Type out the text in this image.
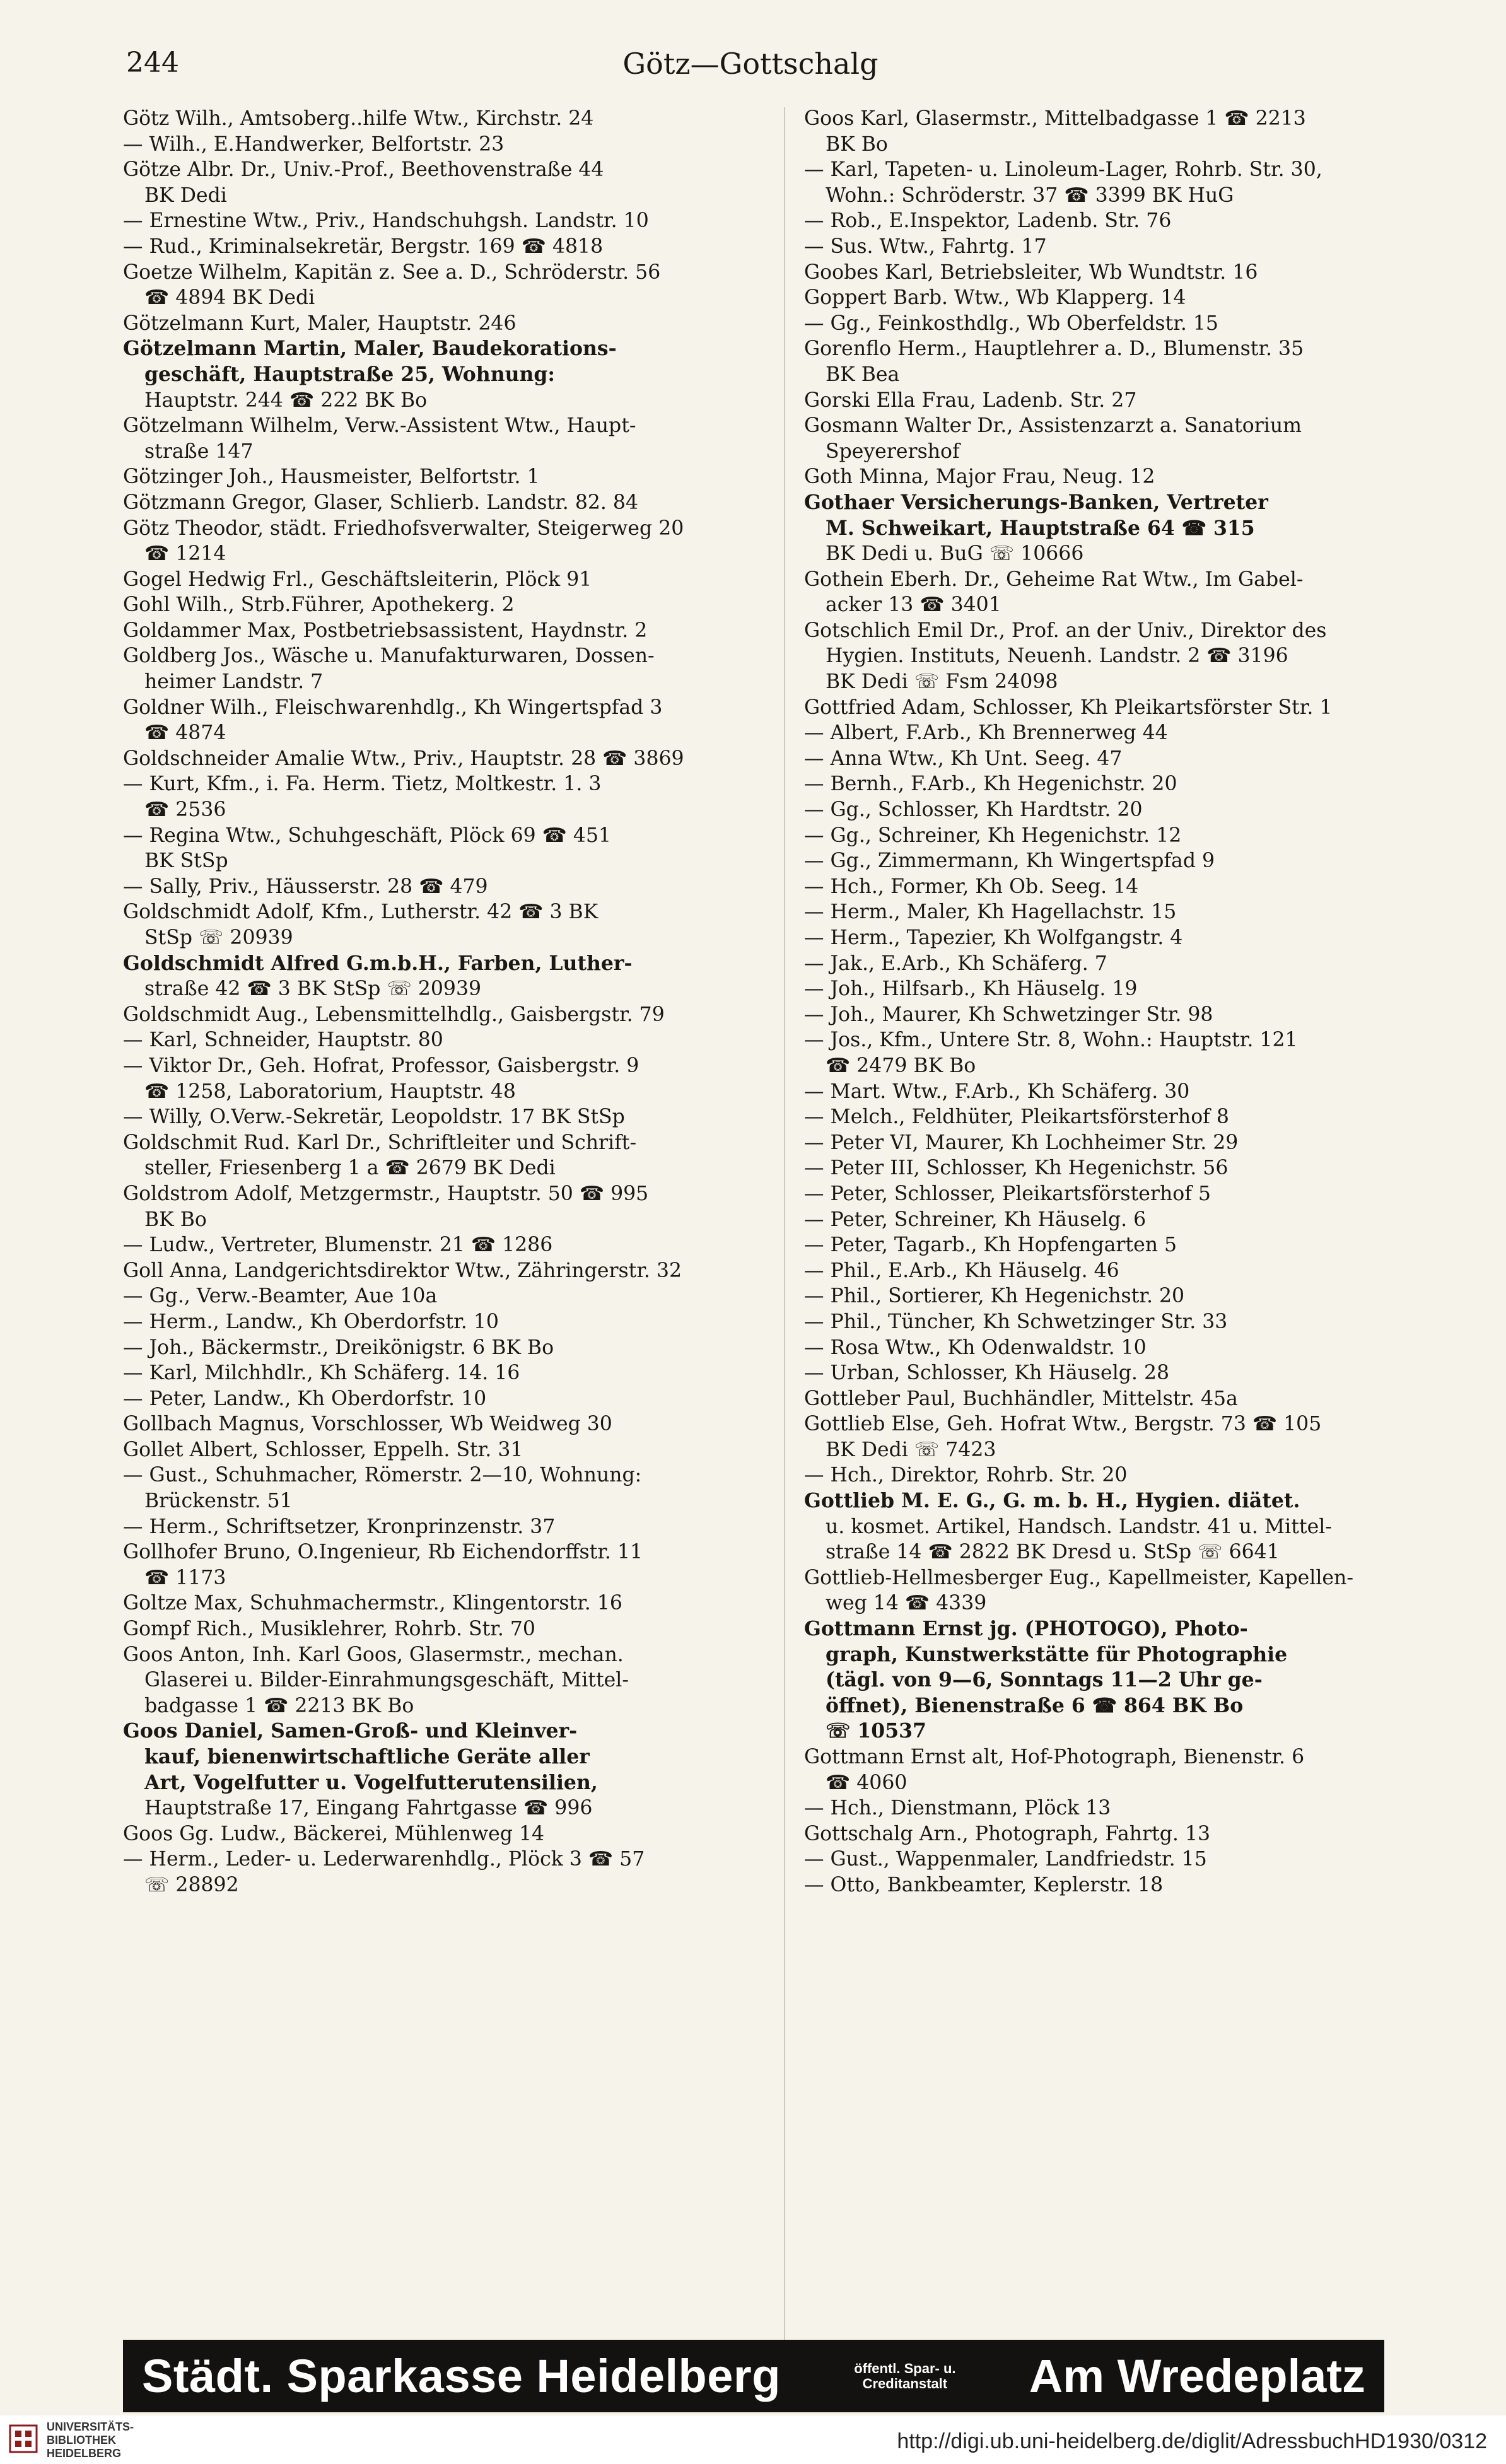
244	Götz—Gottschalg
Götz Wilh., Amtsoberg..hilfe Wtw., Kirchstr. 24
— Wilh., E.Handwerker, Belfortstr. 23
Götze Albr. Dr., Univ.-Prof., Beethovenstraße 44
BK Dedi
— Ernestine Wtw., Priv., Handschuhgsh. Landstr. 10
— Rud., Kriminalsekretär, Bergstr. 169 ☎ 4818
Goetze Wilhelm, Kapitän z. See a. D., Schröderstr. 56
☎ 4894 BK Dedi
Götzelmann Kurt, Maler, Hauptstr. 246
Götzelmann Martin, Maler, Baudekorations-
geschäft, Hauptstraße 25, Wohnung:
Hauptstr. 244 ☎ 222 BK Bo
Götzelmann Wilhelm, Verw.-Assistent Wtw., Haupt-
straße 147
Götzinger Joh., Hausmeister, Belfortstr. 1
Götzmann Gregor, Glaser, Schlierb. Landstr. 82. 84
Götz Theodor, städt. Friedhofsverwalter, Steigerweg 20
☎ 1214
Gogel Hedwig Frl., Geschäftsleiterin, Plöck 91
Gohl Wilh., Strb.Führer, Apothekerg. 2
Goldammer Max, Postbetriebsassistent, Haydnstr. 2
Goldberg Jos., Wäsche u. Manufakturwaren, Dossen-
heimer Landstr. 7
Goldner Wilh., Fleischwarenhdlg., Kh Wingertspfad 3
☎ 4874
Goldschneider Amalie Wtw., Priv., Hauptstr. 28 ☎ 3869
— Kurt, Kfm., i. Fa. Herm. Tietz, Moltkestr. 1. 3
☎ 2536
— Regina Wtw., Schuhgeschäft, Plöck 69 ☎ 451
BK StSp
— Sally, Priv., Häusserstr. 28 ☎ 479
Goldschmidt Adolf, Kfm., Lutherstr. 42 ☎ 3 BK
StSp ☏ 20939
Goldschmidt Alfred G.m.b.H., Farben, Luther-
straße 42 ☎ 3 BK StSp ☏ 20939
Goldschmidt Aug., Lebensmittelhdlg., Gaisbergstr. 79
— Karl, Schneider, Hauptstr. 80
— Viktor Dr., Geh. Hofrat, Professor, Gaisbergstr. 9
☎ 1258, Laboratorium, Hauptstr. 48
— Willy, O.Verw.-Sekretär, Leopoldstr. 17 BK StSp
Goldschmit Rud. Karl Dr., Schriftleiter und Schrift-
steller, Friesenberg 1 a ☎ 2679 BK Dedi
Goldstrom Adolf, Metzgermstr., Hauptstr. 50 ☎ 995
BK Bo
— Ludw., Vertreter, Blumenstr. 21 ☎ 1286
Goll Anna, Landgerichtsdirektor Wtw., Zähringerstr. 32
— Gg., Verw.-Beamter, Aue 10a
— Herm., Landw., Kh Oberdorfstr. 10
— Joh., Bäckermstr., Dreikönigstr. 6 BK Bo
— Karl, Milchhdlr., Kh Schäferg. 14. 16
— Peter, Landw., Kh Oberdorfstr. 10
Gollbach Magnus, Vorschlosser, Wb Weidweg 30
Gollet Albert, Schlosser, Eppelh. Str. 31
— Gust., Schuhmacher, Römerstr. 2—10, Wohnung:
Brückenstr. 51
— Herm., Schriftsetzer, Kronprinzenstr. 37
Gollhofer Bruno, O.Ingenieur, Rb Eichendorffstr. 11
☎ 1173
Goltze Max, Schuhmachermstr., Klingentorstr. 16
Gompf Rich., Musiklehrer, Rohrb. Str. 70
Goos Anton, Inh. Karl Goos, Glasermstr., mechan.
Glaserei u. Bilder-Einrahmungsgeschäft, Mittel-
badgasse 1 ☎ 2213 BK Bo
Goos Daniel, Samen-Groß- und Kleinver-
kauf, bienenwirtschaftliche Geräte aller
Art, Vogelfutter u. Vogelfutterutensilien,
Hauptstraße 17, Eingang Fahrtgasse ☎ 996
Goos Gg. Ludw., Bäckerei, Mühlenweg 14
— Herm., Leder- u. Lederwarenhdlg., Plöck 3 ☎ 57
☏ 28892
Goos Karl, Glasermstr., Mittelbadgasse 1 ☎ 2213
BK Bo
— Karl, Tapeten- u. Linoleum-Lager, Rohrb. Str. 30,
Wohn.: Schröderstr. 37 ☎ 3399 BK HuG
— Rob., E.Inspektor, Ladenb. Str. 76
— Sus. Wtw., Fahrtg. 17
Goobes Karl, Betriebsleiter, Wb Wundtstr. 16
Goppert Barb. Wtw., Wb Klapperg. 14
— Gg., Feinkosthdlg., Wb Oberfeldstr. 15
Gorenflo Herm., Hauptlehrer a. D., Blumenstr. 35
BK Bea
Gorski Ella Frau, Ladenb. Str. 27
Gosmann Walter Dr., Assistenzarzt a. Sanatorium
Speyerershof
Goth Minna, Major Frau, Neug. 12
Gothaer Versicherungs-Banken, Vertreter
M. Schweikart, Hauptstraße 64 ☎ 315
BK Dedi u. BuG ☏ 10666
Gothein Eberh. Dr., Geheime Rat Wtw., Im Gabel-
acker 13 ☎ 3401
Gotschlich Emil Dr., Prof. an der Univ., Direktor des
Hygien. Instituts, Neuenh. Landstr. 2 ☎ 3196
BK Dedi ☏ Fsm 24098
Gottfried Adam, Schlosser, Kh Pleikartsförster Str. 1
— Albert, F.Arb., Kh Brennerweg 44
— Anna Wtw., Kh Unt. Seeg. 47
— Bernh., F.Arb., Kh Hegenichstr. 20
— Gg., Schlosser, Kh Hardtstr. 20
— Gg., Schreiner, Kh Hegenichstr. 12
— Gg., Zimmermann, Kh Wingertspfad 9
— Hch., Former, Kh Ob. Seeg. 14
— Herm., Maler, Kh Hagellachstr. 15
— Herm., Tapezier, Kh Wolfgangstr. 4
— Jak., E.Arb., Kh Schäferg. 7
— Joh., Hilfsarb., Kh Häuselg. 19
— Joh., Maurer, Kh Schwetzinger Str. 98
— Jos., Kfm., Untere Str. 8, Wohn.: Hauptstr. 121
☎ 2479 BK Bo
— Mart. Wtw., F.Arb., Kh Schäferg. 30
— Melch., Feldhüter, Pleikartsförsterhof 8
— Peter VI, Maurer, Kh Lochheimer Str. 29
— Peter III, Schlosser, Kh Hegenichstr. 56
— Peter, Schlosser, Pleikartsförsterhof 5
— Peter, Schreiner, Kh Häuselg. 6
— Peter, Tagarb., Kh Hopfengarten 5
— Phil., E.Arb., Kh Häuselg. 46
— Phil., Sortierer, Kh Hegenichstr. 20
— Phil., Tüncher, Kh Schwetzinger Str. 33
— Rosa Wtw., Kh Odenwaldstr. 10
— Urban, Schlosser, Kh Häuselg. 28
Gottleber Paul, Buchhändler, Mittelstr. 45a
Gottlieb Else, Geh. Hofrat Wtw., Bergstr. 73 ☎ 105
BK Dedi ☏ 7423
— Hch., Direktor, Rohrb. Str. 20
Gottlieb M. E. G., G. m. b. H., Hygien. diätet.
u. kosmet. Artikel, Handsch. Landstr. 41 u. Mittel-
straße 14 ☎ 2822 BK Dresd u. StSp ☏ 6641
Gottlieb-Hellmesberger Eug., Kapellmeister, Kapellen-
weg 14 ☎ 4339
Gottmann Ernst jg. (PHOTOGO), Photo-
graph, Kunstwerkstätte für Photographie
(tägl. von 9—6, Sonntags 11—2 Uhr ge-
öffnet), Bienenstraße 6 ☎ 864 BK Bo
☏ 10537
Gottmann Ernst alt, Hof-Photograph, Bienenstr. 6
☎ 4060
— Hch., Dienstmann, Plöck 13
Gottschalg Arn., Photograph, Fahrtg. 13
— Gust., Wappenmaler, Landfriedstr. 15
— Otto, Bankbeamter, Keplerstr. 18
Städt. Sparkasse Heidelberg	öffentl. Spar- u.
Creditanstalt Am Wredeplatz
UNIVERSITÄTS-
BIBLIOTHEK
HEIDELBERG	http://digi.ub.uni-heidelberg.de/diglit/AdressbuchHD1930/0312
